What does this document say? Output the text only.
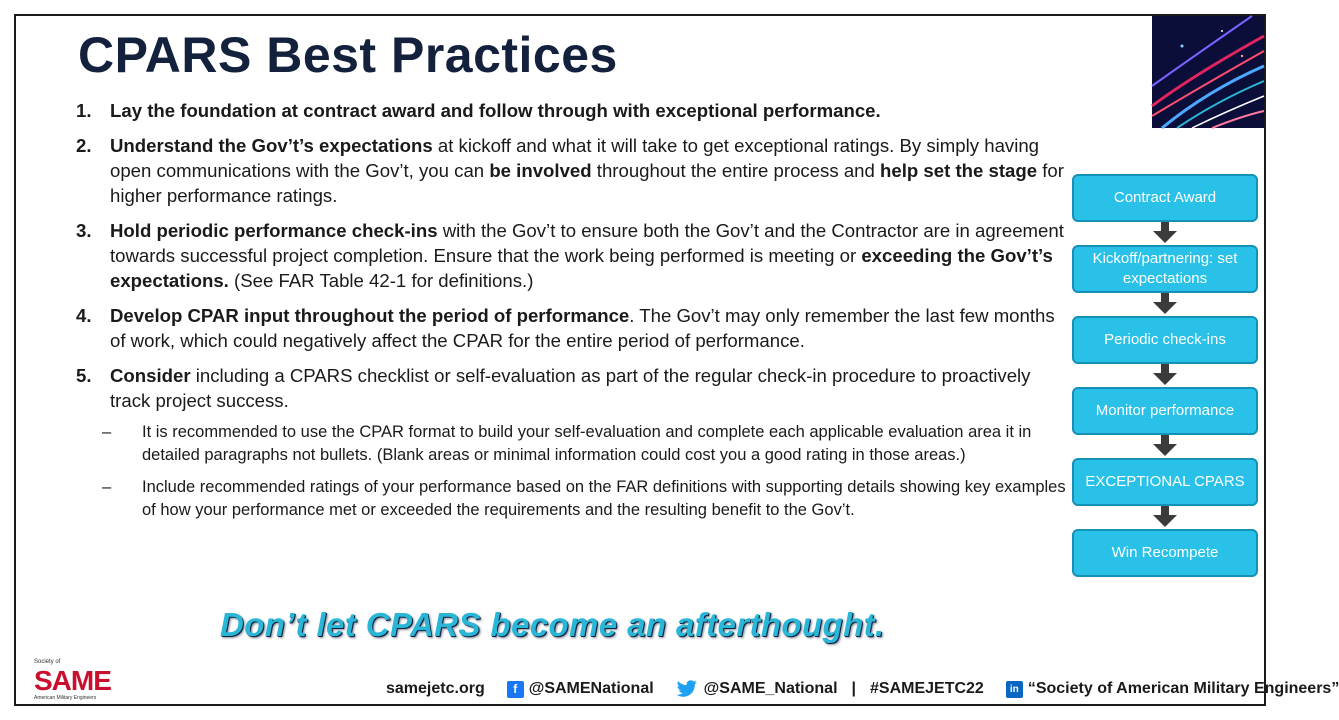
CPARS Best Practices
1. Lay the foundation at contract award and follow through with exceptional performance.
2. Understand the Gov’t’s expectations at kickoff and what it will take to get exceptional ratings. By simply having open communications with the Gov’t, you can be involved throughout the entire process and help set the stage for higher performance ratings.
3. Hold periodic performance check-ins with the Gov’t to ensure both the Gov’t and the Contractor are in agreement towards successful project completion. Ensure that the work being performed is meeting or exceeding the Gov’t’s expectations. (See FAR Table 42-1 for definitions.)
4. Develop CPAR input throughout the period of performance. The Gov’t may only remember the last few months of work, which could negatively affect the CPAR for the entire period of performance.
5. Consider including a CPARS checklist or self-evaluation as part of the regular check-in procedure to proactively track project success.
– It is recommended to use the CPAR format to build your self-evaluation and complete each applicable evaluation area it in detailed paragraphs not bullets. (Blank areas or minimal information could cost you a good rating in those areas.)
– Include recommended ratings of your performance based on the FAR definitions with supporting details showing key examples of how your performance met or exceeded the requirements and the resulting benefit to the Gov’t.
Don’t let CPARS become an afterthought.
Contract Award
Kickoff/partnering: set expectations
Periodic check-ins
Monitor performance
EXCEPTIONAL CPARS
Win Recompete
Society of
SAME
American Military Engineers
samejetc.org	f @SAMENational	@SAME_National | #SAMEJETC22	in “Society of American Military Engineers”
